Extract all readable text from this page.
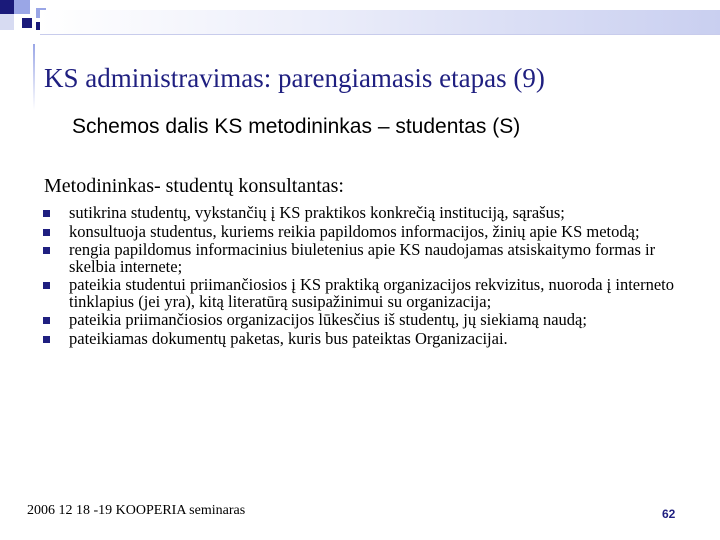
KS administravimas: parengiamasis etapas (9)
Schemos dalis KS metodininkas – studentas (S)
Metodininkas- studentų konsultantas:
sutikrina studentų, vykstančių į KS praktikos konkrečią instituciją, sąrašus;
konsultuoja studentus, kuriems reikia papildomos informacijos, žinių apie KS metodą;
rengia papildomus informacinius biuletenius apie KS naudojamas atsiskaitymo formas ir skelbia internete;
pateikia studentui priimančiosios į KS praktiką organizacijos rekvizitus, nuoroda į interneto tinklapius (jei yra), kitą literatūrą susipažinimui su organizacija;
pateikia priimančiosios organizacijos lūkesčius iš studentų, jų siekiamą naudą;
pateikiamas dokumentų paketas, kuris bus pateiktas Organizacijai.
2006 12 18 -19 KOOPERIA seminaras	62
